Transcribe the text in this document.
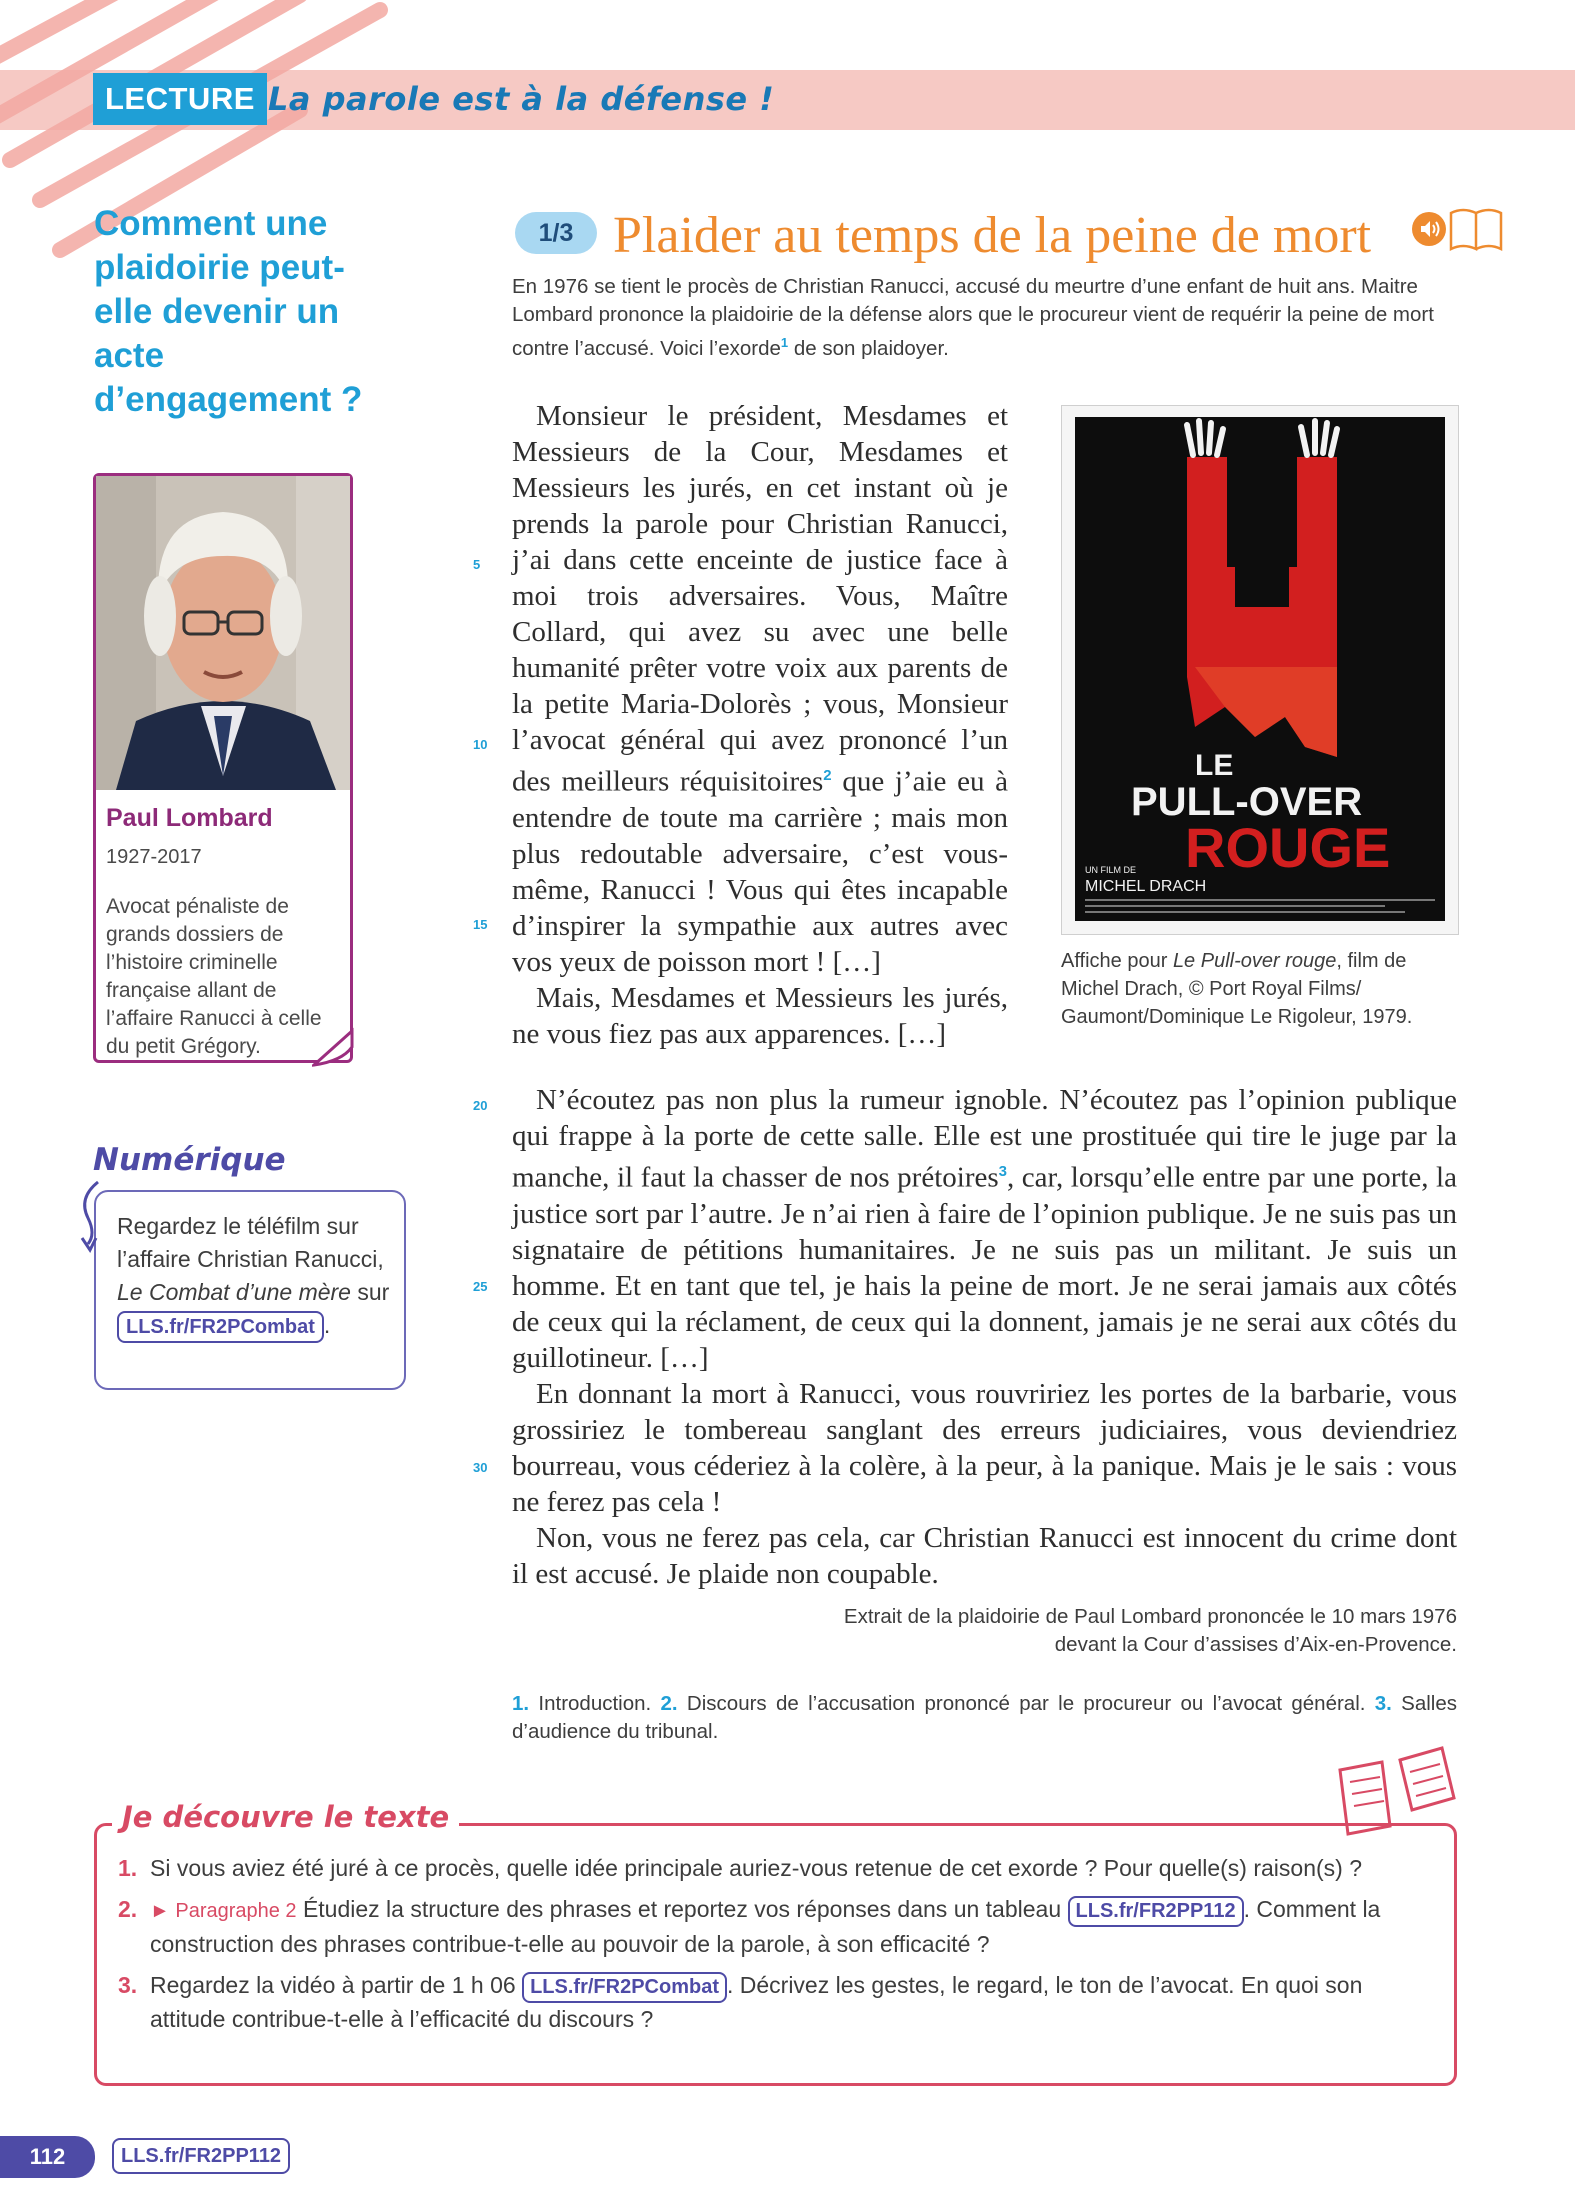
LECTURE La parole est à la défense !
Comment une plaidoirie peut-elle devenir un acte d’engagement ?
Paul Lombard
1927-2017
Avocat pénaliste de grands dossiers de l’histoire criminelle française allant de l’affaire Ranucci à celle du petit Grégory.
Numérique
Regardez le téléfilm sur l’affaire Christian Ranucci, Le Combat d’une mère sur LLS.fr/FR2PCombat .
1/3 Plaider au temps de la peine de mort
En 1976 se tient le procès de Christian Ranucci, accusé du meurtre d’une enfant de huit ans. Maitre Lombard prononce la plaidoirie de la défense alors que le procureur vient de requérir la peine de mort contre l’accusé. Voici l’exorde$^1$ de son plaidoyer.

Monsieur le président, Mesdames et Messieurs de la Cour, Mesdames et Messieurs les jurés, en cet instant où je prends la parole pour Christian Ranucci, j’ai dans cette enceinte de justice face à moi trois adversaires. Vous, Maître Collard, qui avez su avec une belle humanité prêter votre voix aux parents de la petite Maria-Dolorès ; vous, Monsieur l’avocat général qui avez prononcé l’un des meilleurs réquisitoires$^2$ que j’aie eu à entendre de toute ma carrière ; mais mon plus redoutable adversaire, c’est vous-même, Ranucci ! Vous qui êtes incapable d’inspirer la sympathie aux autres avec vos yeux de poisson mort ! […]

Mais, Mesdames et Messieurs les jurés, ne vous fiez pas aux apparences. […]

N’écoutez pas non plus la rumeur ignoble. N’écoutez pas l’opinion publique qui frappe à la porte de cette salle. Elle est une prostituée qui tire le juge par la manche, il faut la chasser de nos prétoires$^3$, car, lorsqu’elle entre par une porte, la justice sort par l’autre. Je n’ai rien à faire de l’opinion publique. Je ne suis pas un signataire de pétitions humanitaires. Je ne suis pas un militant. Je suis un homme. Et en tant que tel, je hais la peine de mort. Je ne serai jamais aux côtés de ceux qui la réclament, de ceux qui la donnent, jamais je ne serai aux côtés du guillotineur. […]

En donnant la mort à Ranucci, vous rouvririez les portes de la barbarie, vous grossiriez le tombereau sanglant des erreurs judiciaires, vous deviendriez bourreau, vous céderiez à la colère, à la peur, à la panique. Mais je le sais : vous ne ferez pas cela !

Non, vous ne ferez pas cela, car Christian Ranucci est innocent du crime dont il est accusé. Je plaide non coupable.

5
10
15
20
25
30
LE
PULL-OVER
ROUGE
UN FILM DE
MICHEL DRACH
Affiche pour Le Pull-over rouge, film de Michel Drach, © Port Royal Films/ Gaumont/Dominique Le Rigoleur, 1979.
Extrait de la plaidoirie de Paul Lombard prononcée le 10 mars 1976
devant la Cour d’assises d’Aix-en-Provence.
1. Introduction. 2. Discours de l’accusation prononcé par le procureur ou l’avocat général. 3. Salles d’audience du tribunal.
Je découvre le texte
1. Si vous aviez été juré à ce procès, quelle idée principale auriez-vous retenue de cet exorde ? Pour quelle(s) raison(s) ?
2. ► Paragraphe 2 Étudiez la structure des phrases et reportez vos réponses dans un tableau LLS.fr/FR2PP112 . Comment la construction des phrases contribue-t-elle au pouvoir de la parole, à son efficacité ?
3. Regardez la vidéo à partir de 1 h 06 LLS.fr/FR2PCombat . Décrivez les gestes, le regard, le ton de l’avocat. En quoi son attitude contribue-t-elle à l’efficacité du discours ?
112	LLS.fr/FR2PP112
